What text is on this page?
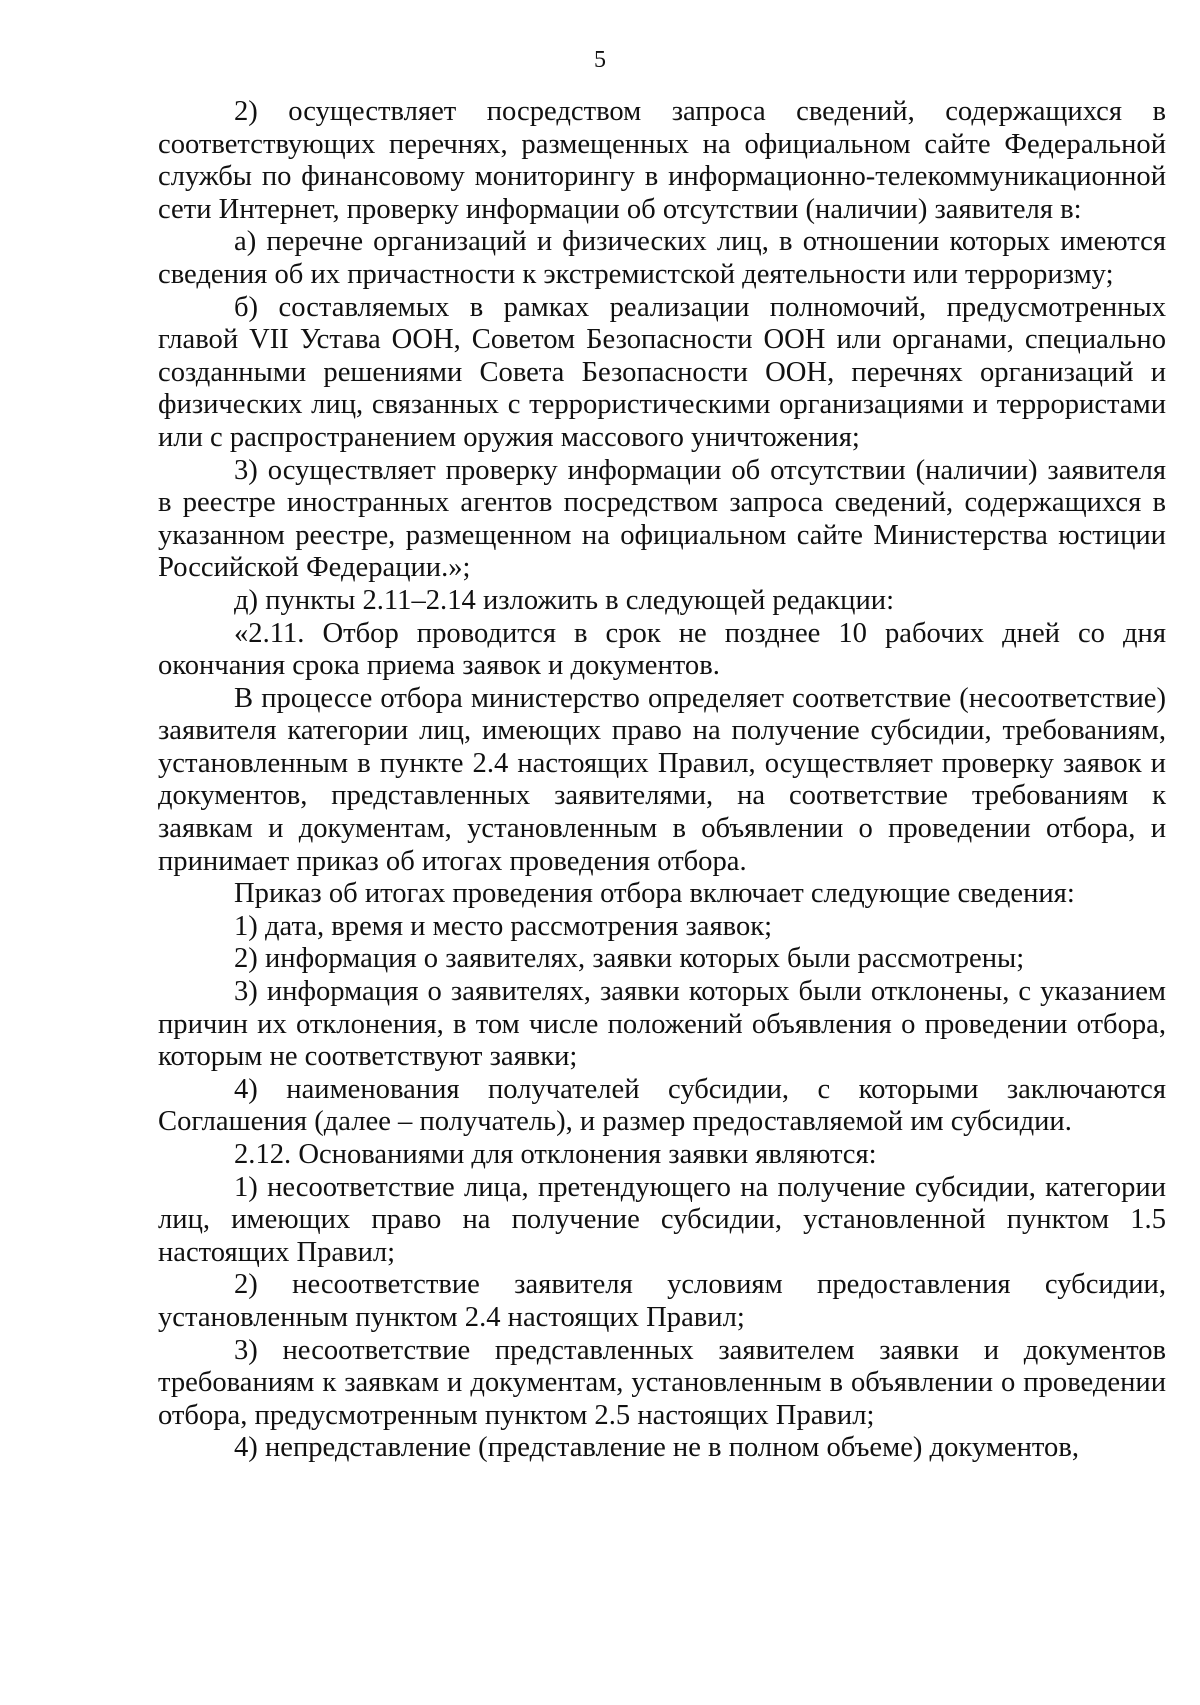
5

2) осуществляет посредством запроса сведений, содержащихся в соответствующих перечнях, размещенных на официальном сайте Федеральной службы по финансовому мониторингу в информационно-телекоммуникационной сети Интернет, проверку информации об отсутствии (наличии) заявителя в:

а) перечне организаций и физических лиц, в отношении которых имеются сведения об их причастности к экстремистской деятельности или терроризму;

б) составляемых в рамках реализации полномочий, предусмотренных главой VII Устава ООН, Советом Безопасности ООН или органами, специально созданными решениями Совета Безопасности ООН, перечнях организаций и физических лиц, связанных с террористическими организациями и террористами или с распространением оружия массового уничтожения;

3) осуществляет проверку информации об отсутствии (наличии) заявителя в реестре иностранных агентов посредством запроса сведений, содержащихся в указанном реестре, размещенном на официальном сайте Министерства юстиции Российской Федерации.»;

д) пункты 2.11–2.14 изложить в следующей редакции:

«2.11. Отбор проводится в срок не позднее 10 рабочих дней со дня окончания срока приема заявок и документов.

В процессе отбора министерство определяет соответствие (несоответствие) заявителя категории лиц, имеющих право на получение субсидии, требованиям, установленным в пункте 2.4 настоящих Правил, осуществляет проверку заявок и документов, представленных заявителями, на соответствие требованиям к заявкам и документам, установленным в объявлении о проведении отбора, и принимает приказ об итогах проведения отбора.

Приказ об итогах проведения отбора включает следующие сведения:

1) дата, время и место рассмотрения заявок;

2) информация о заявителях, заявки которых были рассмотрены;

3) информация о заявителях, заявки которых были отклонены, с указанием причин их отклонения, в том числе положений объявления о проведении отбора, которым не соответствуют заявки;

4) наименования получателей субсидии, с которыми заключаются Соглашения (далее – получатель), и размер предоставляемой им субсидии.

2.12. Основаниями для отклонения заявки являются:

1) несоответствие лица, претендующего на получение субсидии, категории лиц, имеющих право на получение субсидии, установленной пунктом 1.5 настоящих Правил;

2) несоответствие заявителя условиям предоставления субсидии, установленным пунктом 2.4 настоящих Правил;

3) несоответствие представленных заявителем заявки и документов требованиям к заявкам и документам, установленным в объявлении о проведении отбора, предусмотренным пунктом 2.5 настоящих Правил;

4) непредставление (представление не в полном объеме) документов,
